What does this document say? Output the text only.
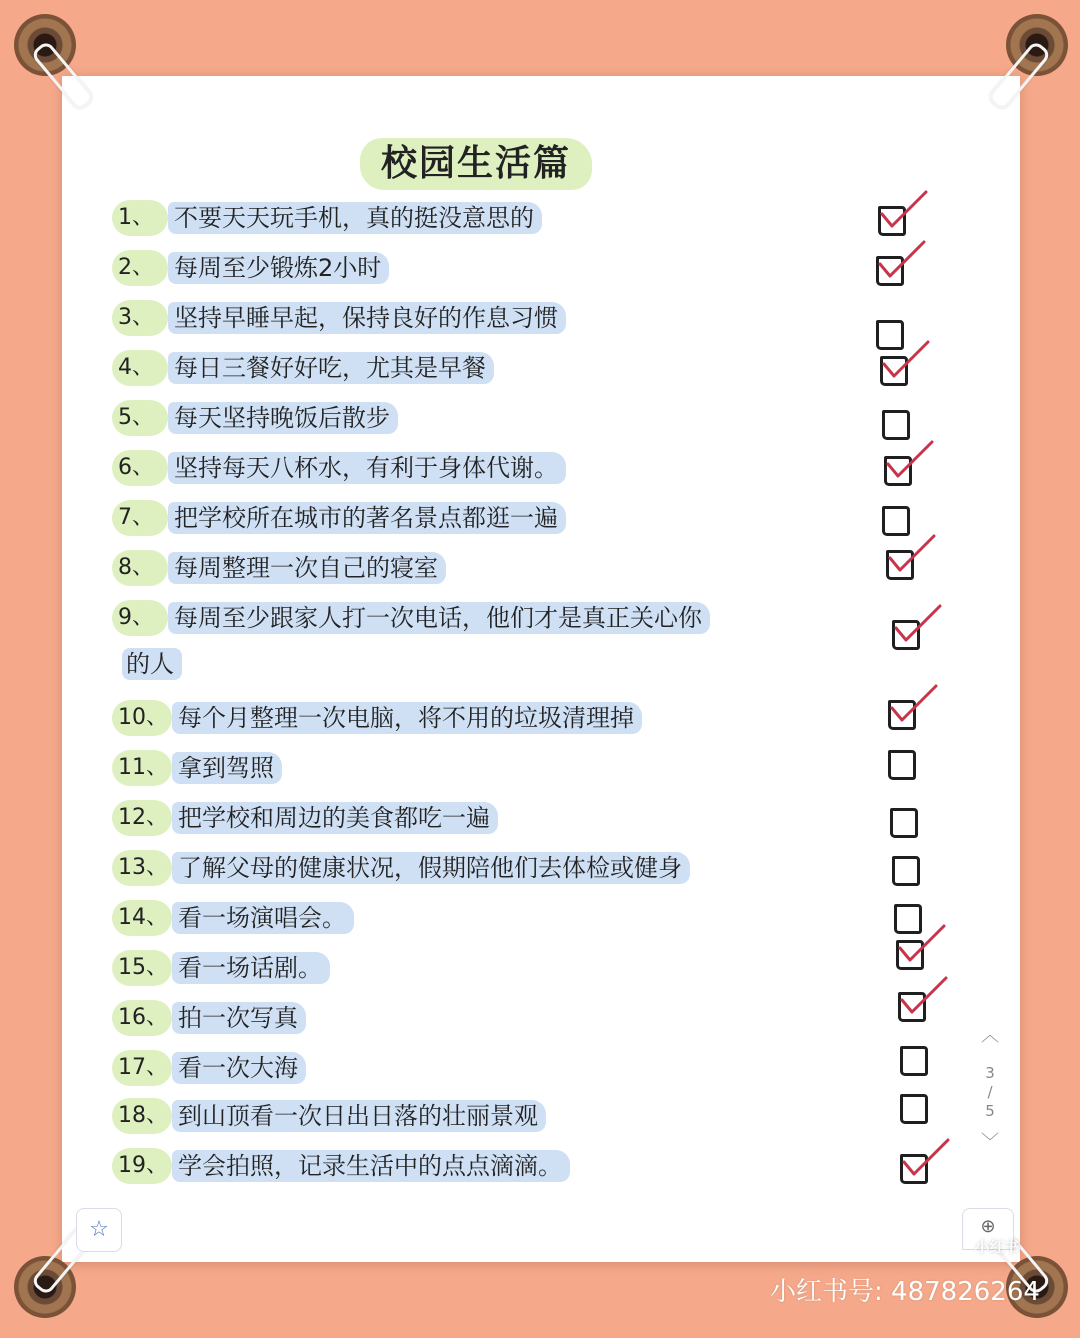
校园生活篇
1、 不要天天玩手机，真的挺没意思的
2、 每周至少锻炼2小时
3、 坚持早睡早起，保持良好的作息习惯
4、 每日三餐好好吃，尤其是早餐
5、 每天坚持晚饭后散步
6、 坚持每天八杯水，有利于身体代谢。
7、 把学校所在城市的著名景点都逛一遍
8、 每周整理一次自己的寝室
9、 每周至少跟家人打一次电话，他们才是真正关心你
的人
10、 每个月整理一次电脑，将不用的垃圾清理掉
11、 拿到驾照
12、 把学校和周边的美食都吃一遍
13、 了解父母的健康状况，假期陪他们去体检或健身
14、 看一场演唱会。
15、 看一场话剧。
16、 拍一次写真
17、 看一次大海
18、 到山顶看一次日出日落的壮丽景观
19、 学会拍照，记录生活中的点点滴滴。
︿
3
/
5
﹀
☆	⊕
小红书
小红书号: 487826264
